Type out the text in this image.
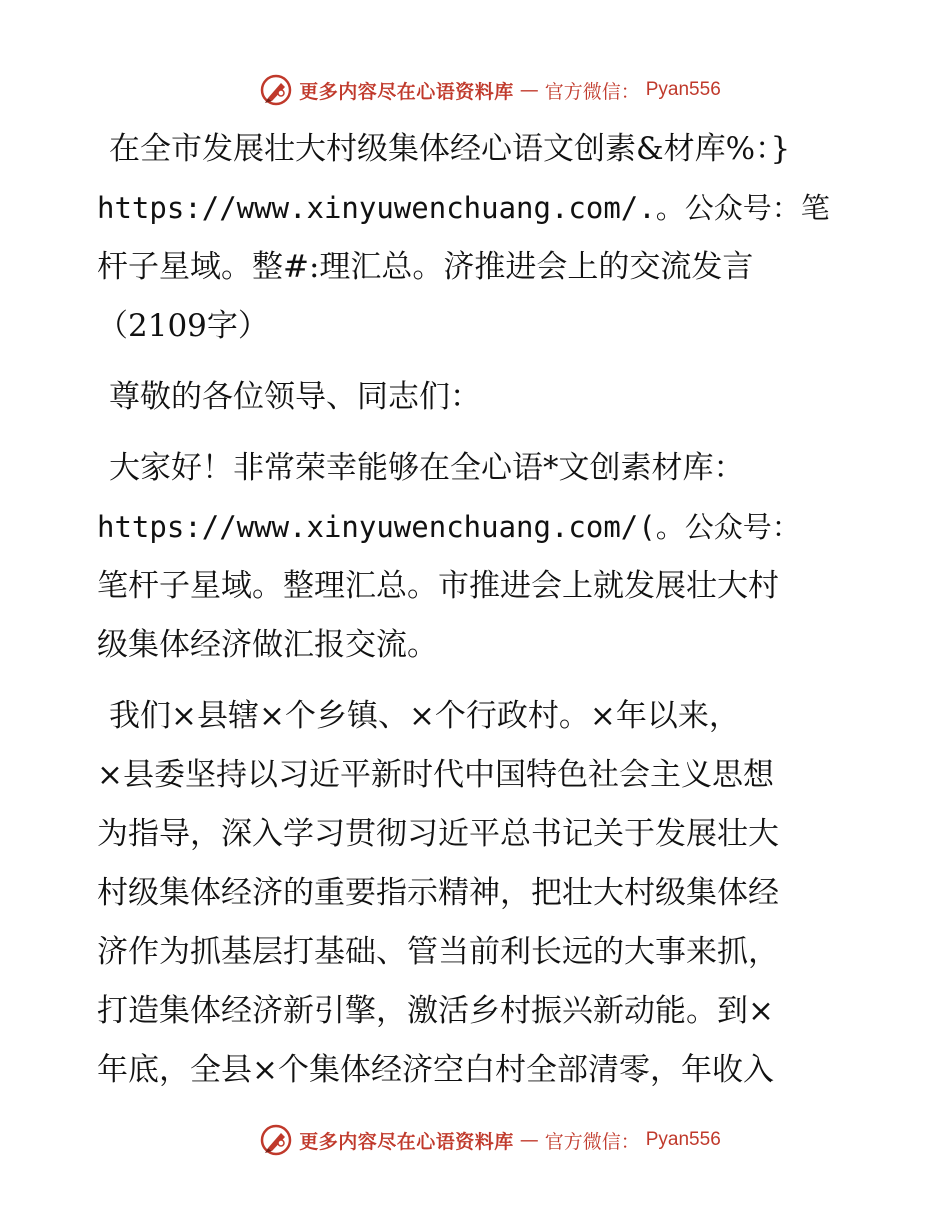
更多内容尽在心语资料库 — 官方微信： Pyan556
在全市发展壮大村级集体经心语文创素&材库%：}
https://www.xinyuwenchuang.com/.。公众号：笔
杆子星域。整#:理汇总。济推进会上的交流发言
（2109字）
尊敬的各位领导、同志们：
大家好！非常荣幸能够在全心语*文创素材库：
https://www.xinyuwenchuang.com/(。公众号：
笔杆子星域。整理汇总。市推进会上就发展壮大村
级集体经济做汇报交流。
我们×县辖×个乡镇、×个行政村。×年以来，
×县委坚持以习近平新时代中国特色社会主义思想
为指导，深入学习贯彻习近平总书记关于发展壮大
村级集体经济的重要指示精神，把壮大村级集体经
济作为抓基层打基础、管当前利长远的大事来抓，
打造集体经济新引擎，激活乡村振兴新动能。到×
年底，全县×个集体经济空白村全部清零，年收入
更多内容尽在心语资料库 — 官方微信： Pyan556
